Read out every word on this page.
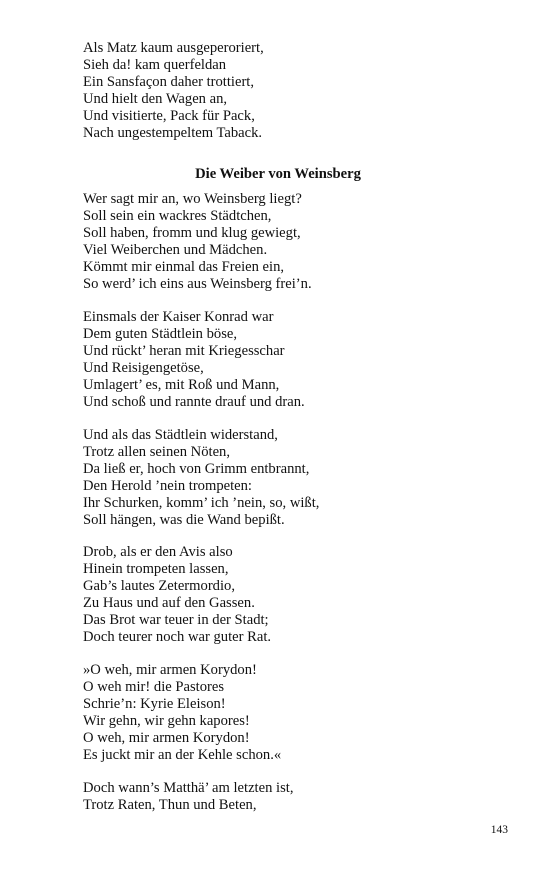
Als Matz kaum ausgeperoriert,
Sieh da! kam querfeldan
Ein Sansfaçon daher trottiert,
Und hielt den Wagen an,
Und visitierte, Pack für Pack,
Nach ungestempeltem Taback.
Die Weiber von Weinsberg
Wer sagt mir an, wo Weinsberg liegt?
Soll sein ein wackres Städtchen,
Soll haben, fromm und klug gewiegt,
Viel Weiberchen und Mädchen.
Kömmt mir einmal das Freien ein,
So werd’ ich eins aus Weinsberg frei’n.
Einsmals der Kaiser Konrad war
Dem guten Städtlein böse,
Und rückt’ heran mit Kriegesschar
Und Reisigengetöse,
Umlagert’ es, mit Roß und Mann,
Und schoß und rannte drauf und dran.
Und als das Städtlein widerstand,
Trotz allen seinen Nöten,
Da ließ er, hoch von Grimm entbrannt,
Den Herold ’nein trompeten:
Ihr Schurken, komm’ ich ’nein, so, wißt,
Soll hängen, was die Wand bepißt.
Drob, als er den Avis also
Hinein trompeten lassen,
Gab’s lautes Zetermordio,
Zu Haus und auf den Gassen.
Das Brot war teuer in der Stadt;
Doch teurer noch war guter Rat.
»O weh, mir armen Korydon!
O weh mir! die Pastores
Schrie’n: Kyrie Eleison!
Wir gehn, wir gehn kapores!
O weh, mir armen Korydon!
Es juckt mir an der Kehle schon.«
Doch wann’s Matthä’ am letzten ist,
Trotz Raten, Thun und Beten,
143
